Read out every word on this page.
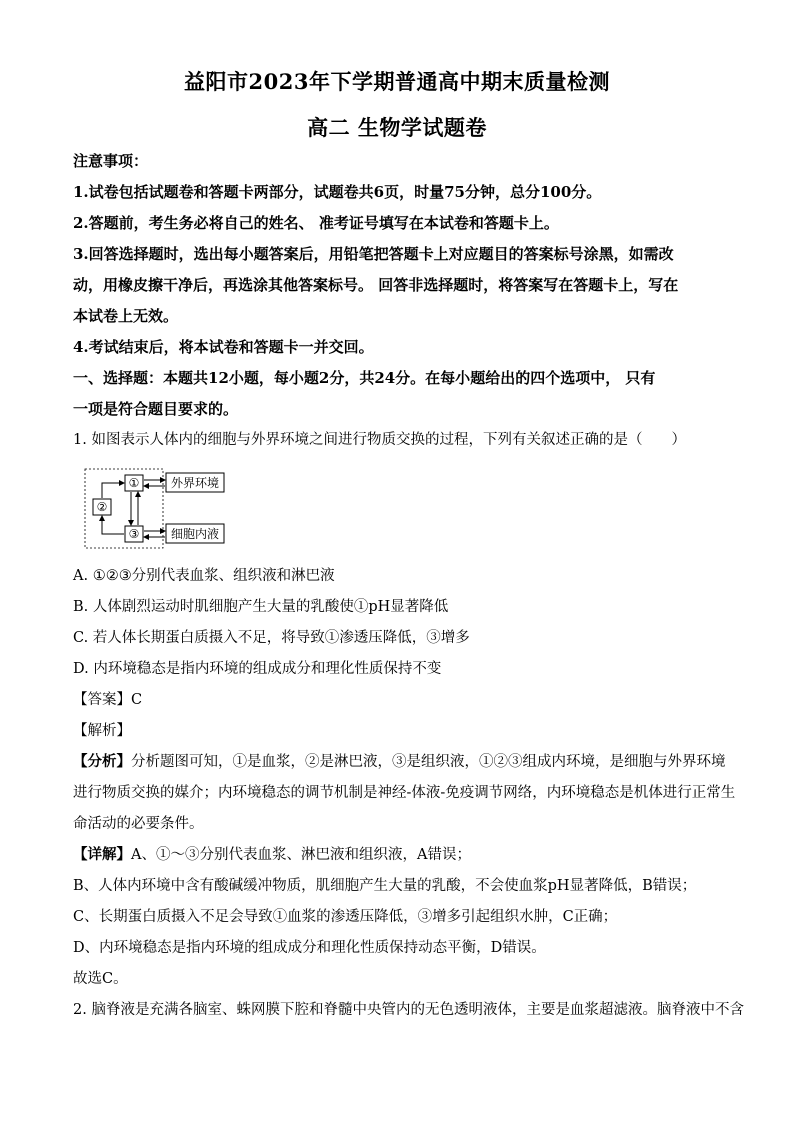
益阳市2023年下学期普通高中期末质量检测
高二 生物学试题卷
注意事项：
1.试卷包括试题卷和答题卡两部分，试题卷共6页，时量75分钟，总分100分。
2.答题前，考生务必将自己的姓名、 准考证号填写在本试卷和答题卡上。
3.回答选择题时，选出每小题答案后，用铅笔把答题卡上对应题目的答案标号涂黑，如需改
动，用橡皮擦干净后，再选涂其他答案标号。 回答非选择题时，将答案写在答题卡上，写在
本试卷上无效。
4.考试结束后，将本试卷和答题卡一并交回。
一、选择题：本题共12小题，每小题2分，共24分。在每小题给出的四个选项中， 只有
一项是符合题目要求的。
1. 如图表示人体内的细胞与外界环境之间进行物质交换的过程，下列有关叙述正确的是（　　）
①
②
③
外界环境
细胞内液
A. ①②③分别代表血浆、组织液和淋巴液
B. 人体剧烈运动时肌细胞产生大量的乳酸使①pH显著降低
C. 若人体长期蛋白质摄入不足，将导致①渗透压降低，③增多
D. 内环境稳态是指内环境的组成成分和理化性质保持不变
【答案】C
【解析】
【分析】分析题图可知，①是血浆，②是淋巴液，③是组织液，①②③组成内环境，是细胞与外界环境
进行物质交换的媒介；内环境稳态的调节机制是神经-体液-免疫调节网络，内环境稳态是机体进行正常生
命活动的必要条件。
【详解】A、①～③分别代表血浆、淋巴液和组织液，A错误；
B、人体内环境中含有酸碱缓冲物质，肌细胞产生大量的乳酸，不会使血浆pH显著降低，B错误；
C、长期蛋白质摄入不足会导致①血浆的渗透压降低，③增多引起组织水肿，C正确；
D、内环境稳态是指内环境的组成成分和理化性质保持动态平衡，D错误。
故选C。
2. 脑脊液是充满各脑室、蛛网膜下腔和脊髓中央管内的无色透明液体，主要是血浆超滤液。脑脊液中不含
